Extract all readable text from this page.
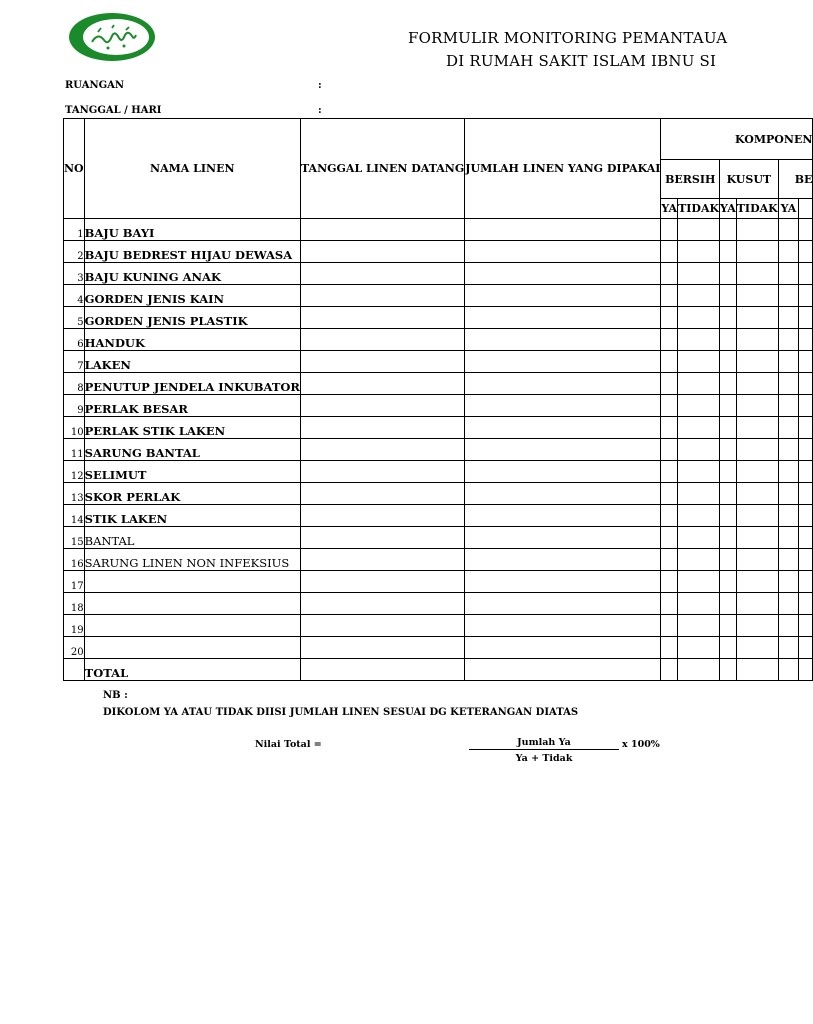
FORMULIR MONITORING PEMANTAUA
DI RUMAH SAKIT ISLAM IBNU SI
RUANGAN	:
TANGGAL / HARI	:
NO	NAMA LINEN	TANGGAL LINEN DATANG	JUMLAH LINEN YANG DIPAKAI	KOMPONEN					
				BERSIH		KUSUT		BE	
				YA	TIDAK	YA	TIDAK	YA	
1	BAJU BAYI								
2	BAJU BEDREST HIJAU DEWASA								
3	BAJU KUNING ANAK								
4	GORDEN JENIS KAIN								
5	GORDEN JENIS PLASTIK								
6	HANDUK								
7	LAKEN								
8	PENUTUP JENDELA INKUBATOR								
9	PERLAK BESAR								
10	PERLAK STIK LAKEN								
11	SARUNG BANTAL								
12	SELIMUT								
13	SKOR PERLAK								
14	STIK LAKEN								
15	BANTAL								
16	SARUNG LINEN NON INFEKSIUS								
17									
18									
19									
20									
	TOTAL								
NB :
DIKOLOM YA ATAU TIDAK DIISI JUMLAH LINEN SESUAI DG KETERANGAN DIATAS
Nilai Total =	Jumlah Ya
Ya + Tidak
x 100%
